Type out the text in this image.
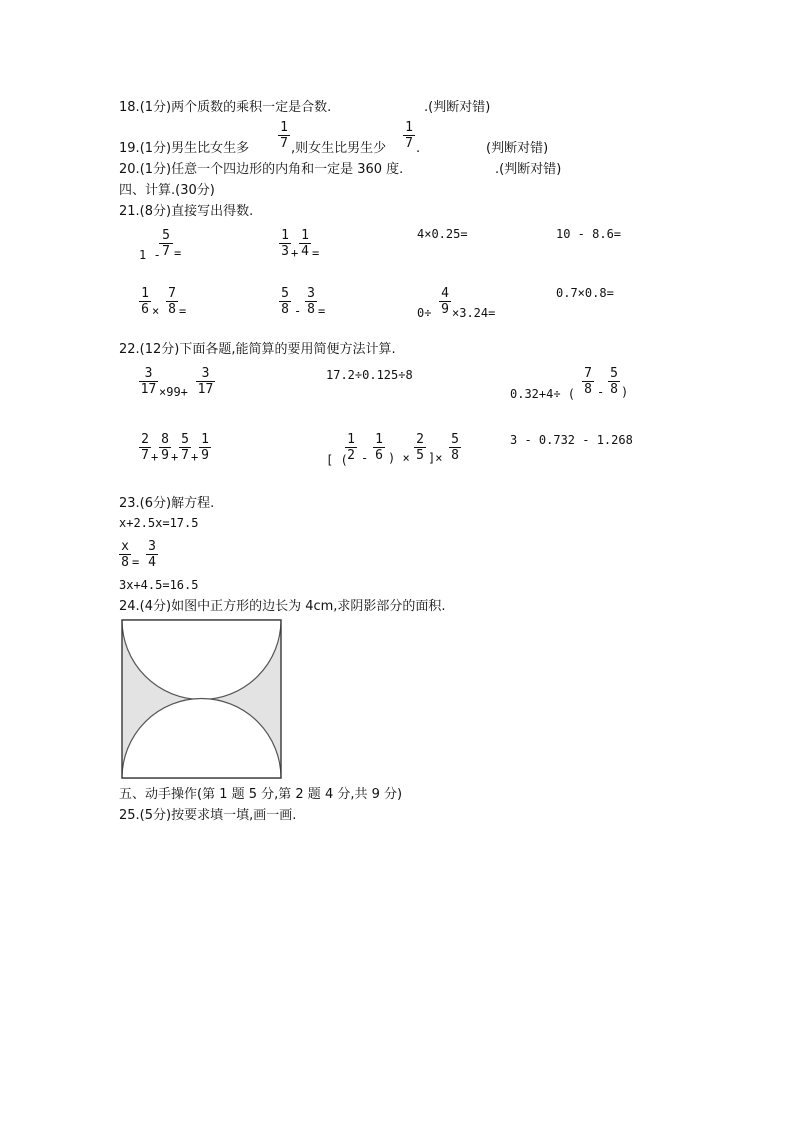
18.(1分)两个质数的乘积一定是合数.	.(判断对错)
19.(1分)男生比女生多
1
7 ,则女生比男生少
1
7 .	(判断对错)
20.(1分)任意一个四边形的内角和一定是 360 度.	.(判断对错)
四、计算.(30分)
21.(8分)直接写出得数.
1 -
5
7 =
1
3 +
1
4 =
4×0.25=	10 - 8.6=
1
6 ×
7
8 =
5
8 -
3
8 =	0÷
4
9 ×3.24=
0.7×0.8=
22.(12分)下面各题,能简算的要用简便方法计算.
3
17 ×99+
3
17
17.2÷0.125÷8
0.32+4÷ (
7
8 -
5
8 )
2
7 +
8
9 +
5
7 +
1
9	[ (
1
2 -
1
6 ) ×
2
5 ]×
5
8
3 - 0.732 - 1.268
23.(6分)解方程.
x+2.5x=17.5
x
8 =
3
4
3x+4.5=16.5
24.(4分)如图中正方形的边长为 4cm,求阴影部分的面积.
五、动手操作(第 1 题 5 分,第 2 题 4 分,共 9 分)
25.(5分)按要求填一填,画一画.
